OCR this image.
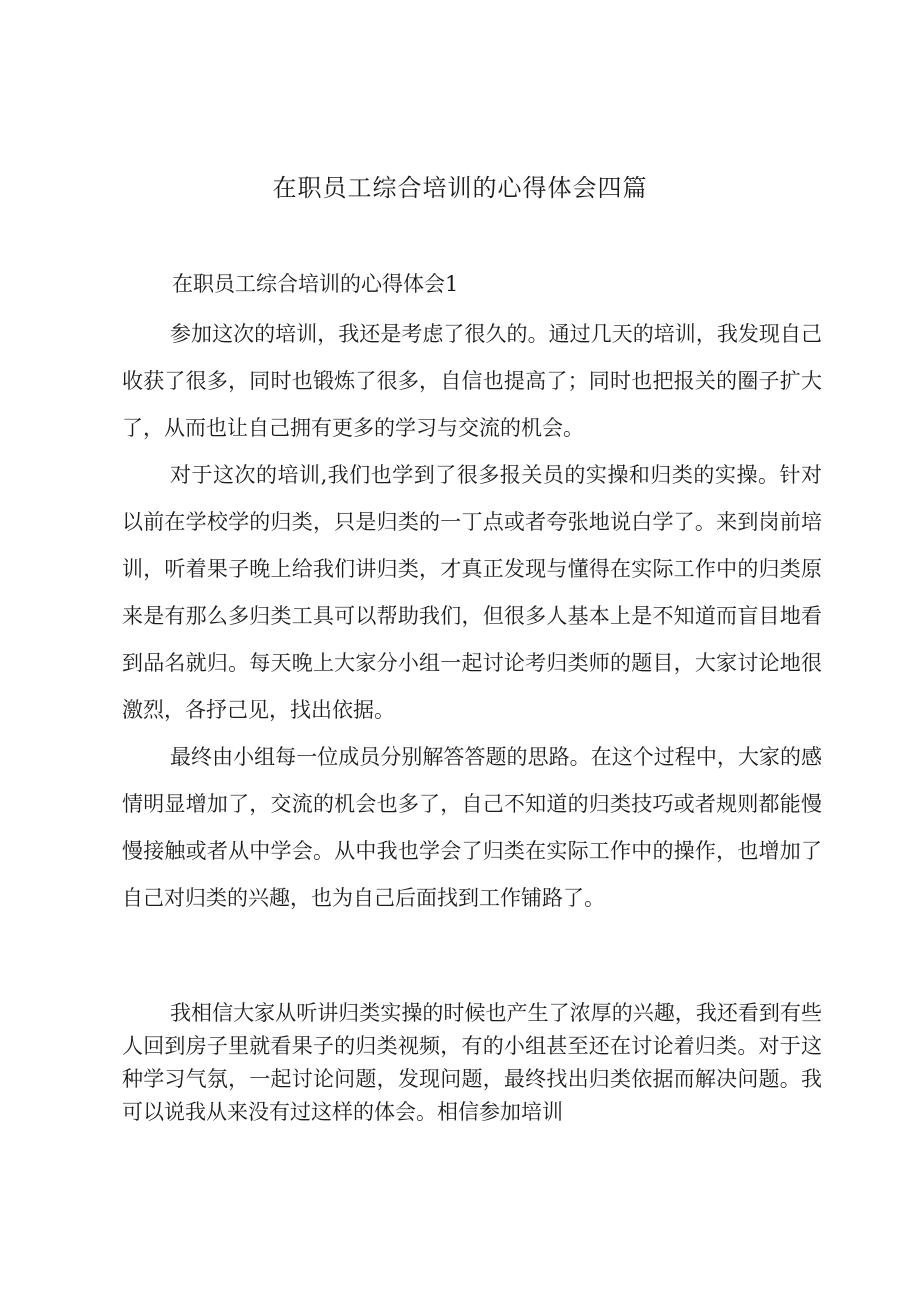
在职员工综合培训的心得体会四篇
在职员工综合培训的心得体会1

参加这次的培训，我还是考虑了很久的。通过几天的培训，我发现自己收获了很多，同时也锻炼了很多，自信也提高了；同时也把报关的圈子扩大了，从而也让自己拥有更多的学习与交流的机会。

对于这次的培训,我们也学到了很多报关员的实操和归类的实操。针对以前在学校学的归类，只是归类的一丁点或者夸张地说白学了。来到岗前培训，听着果子晚上给我们讲归类，才真正发现与懂得在实际工作中的归类原来是有那么多归类工具可以帮助我们，但很多人基本上是不知道而盲目地看到品名就归。每天晚上大家分小组一起讨论考归类师的题目，大家讨论地很激烈，各抒己见，找出依据。

最终由小组每一位成员分别解答答题的思路。在这个过程中，大家的感情明显增加了，交流的机会也多了，自己不知道的归类技巧或者规则都能慢慢接触或者从中学会。从中我也学会了归类在实际工作中的操作，也增加了自己对归类的兴趣，也为自己后面找到工作铺路了。

我相信大家从听讲归类实操的时候也产生了浓厚的兴趣，我还看到有些人回到房子里就看果子的归类视频，有的小组甚至还在讨论着归类。对于这种学习气氛，一起讨论问题，发现问题，最终找出归类依据而解决问题。我可以说我从来没有过这样的体会。相信参加培训
